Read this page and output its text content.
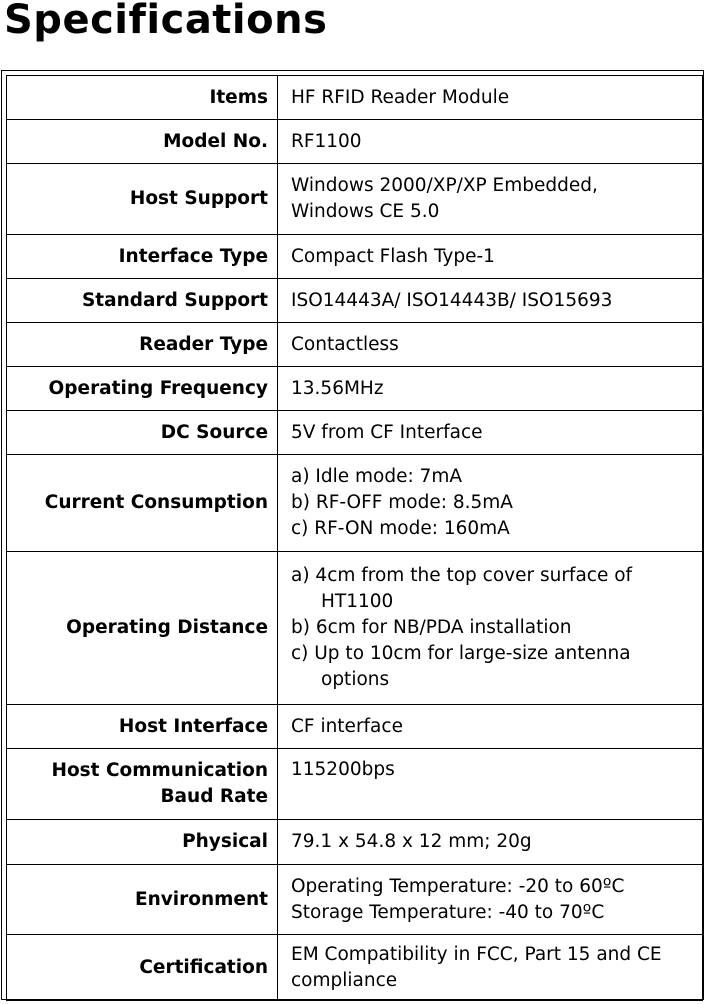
Specifications
Items	HF RFID Reader Module

Model No.	RF1100

Host Support	Windows 2000/XP/XP Embedded,
Windows CE 5.0

Interface Type	Compact Flash Type-1

Standard Support	ISO14443A/ ISO14443B/ ISO15693

Reader Type	Contactless

Operating Frequency	13.56MHz

DC Source	5V from CF Interface

Current Consumption	a) Idle mode: 7mA
b) RF-OFF mode: 8.5mA
c) RF-ON mode: 160mA

Operating Distance	a) 4cm from the top cover surface of HT1100
b) 6cm for NB/PDA installation
c) Up to 10cm for large-size antenna options

Host Interface	CF interface

Host Communication Baud Rate	115200bps

Physical	79.1 x 54.8 x 12 mm; 20g

Environment	Operating Temperature: -20 to 60ºC
Storage Temperature: -40 to 70ºC

Certification	EM Compatibility in FCC, Part 15 and CE compliance
